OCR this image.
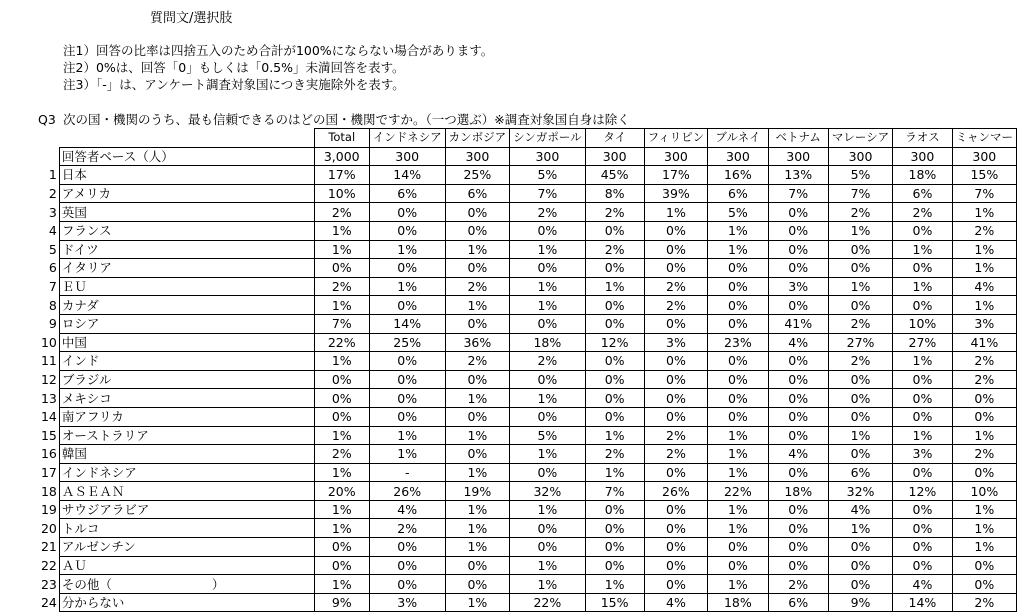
質問文/選択肢
注1）回答の比率は四捨五入のため合計が100%にならない場合があります。
注2）0%は、回答「0」もしくは「0.5%」未満回答を表す。
注3）「-」は、アンケート調査対象国につき実施除外を表す。
Q3 次の国・機関のうち、最も信頼できるのはどの国・機関ですか。（一つ選ぶ）※調査対象国自身は除く
		Total	インドネシア	カンボジア	シンガポール	タイ	フィリピン	ブルネイ	ベトナム	マレーシア	ラオス	ミャンマー
	回答者ベース（人）	3,000	300	300	300	300	300	300	300	300	300	300
1	日本	17%	14%	25%	5%	45%	17%	16%	13%	5%	18%	15%
2	アメリカ	10%	6%	6%	7%	8%	39%	6%	7%	7%	6%	7%
3	英国	2%	0%	0%	2%	2%	1%	5%	0%	2%	2%	1%
4	フランス	1%	0%	0%	0%	0%	0%	1%	0%	1%	0%	2%
5	ドイツ	1%	1%	1%	1%	2%	0%	1%	0%	0%	1%	1%
6	イタリア	0%	0%	0%	0%	0%	0%	0%	0%	0%	0%	1%
7	ＥＵ	2%	1%	2%	1%	1%	2%	0%	3%	1%	1%	4%
8	カナダ	1%	0%	1%	1%	0%	2%	0%	0%	0%	0%	1%
9	ロシア	7%	14%	0%	0%	0%	0%	0%	41%	2%	10%	3%
10	中国	22%	25%	36%	18%	12%	3%	23%	4%	27%	27%	41%
11	インド	1%	0%	2%	2%	0%	0%	0%	0%	2%	1%	2%
12	ブラジル	0%	0%	0%	0%	0%	0%	0%	0%	0%	0%	2%
13	メキシコ	0%	0%	1%	1%	0%	0%	0%	0%	0%	0%	0%
14	南アフリカ	0%	0%	0%	0%	0%	0%	0%	0%	0%	0%	0%
15	オーストラリア	1%	1%	1%	5%	1%	2%	1%	0%	1%	1%	1%
16	韓国	2%	1%	0%	1%	2%	2%	1%	4%	0%	3%	2%
17	インドネシア	1%	-	1%	0%	1%	0%	1%	0%	6%	0%	0%
18	ＡＳＥＡＮ	20%	26%	19%	32%	7%	26%	22%	18%	32%	12%	10%
19	サウジアラビア	1%	4%	1%	1%	0%	0%	1%	0%	4%	0%	1%
20	トルコ	1%	2%	1%	0%	0%	0%	1%	0%	1%	0%	1%
21	アルゼンチン	0%	0%	1%	0%	0%	0%	0%	0%	0%	0%	1%
22	ＡＵ	0%	0%	0%	1%	0%	0%	0%	0%	0%	0%	0%
23	その他（　　　　　　　　）	1%	0%	0%	1%	1%	0%	1%	2%	0%	4%	0%
24	分からない	9%	3%	1%	22%	15%	4%	18%	6%	9%	14%	2%
